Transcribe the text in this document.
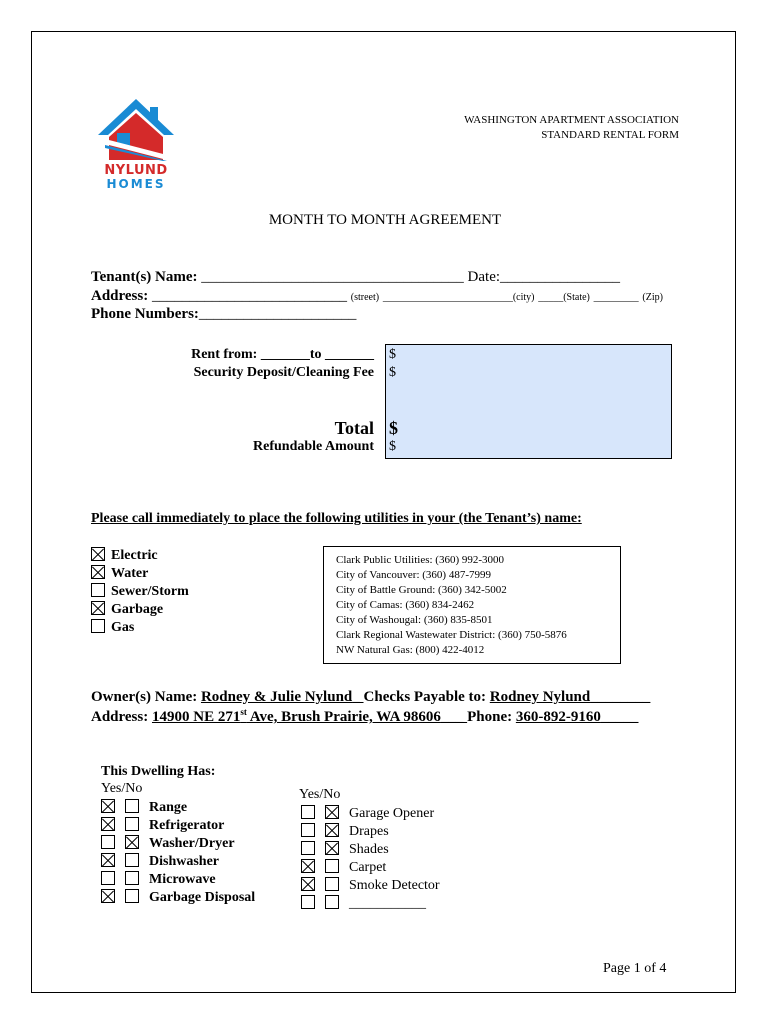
NYLUND
HOMES
WASHINGTON APARTMENT ASSOCIATION
STANDARD RENTAL FORM
MONTH TO MONTH AGREEMENT
Tenant(s) Name: ___________________________________ Date:________________
Address: __________________________ (street) __________________________(city) _____(State) _________ (Zip)
Phone Numbers:_____________________
Rent from: _______to _______
Security Deposit/Cleaning Fee
Total
Refundable Amount
$
$
$
$
Please call immediately to place the following utilities in your (the Tenant’s) name:
Electric
Water
Sewer/Storm
Garbage
Gas
Clark Public Utilities: (360) 992-3000
City of Vancouver: (360) 487-7999
City of Battle Ground: (360) 342-5002
City of Camas: (360) 834-2462
City of Washougal: (360) 835-8501
Clark Regional Wastewater District: (360) 750-5876
NW Natural Gas: (800) 422-4012
Owner(s) Name: Rodney & Julie Nylund_ Checks Payable to: Rodney Nylund________
Address: 14900 NE 271st Ave, Brush Prairie, WA 98606___ Phone: 360-892-9160_____
This Dwelling Has:
Yes/No	Yes/No
Range
Refrigerator
Washer/Dryer
Dishwasher
Microwave
Garbage Disposal
Garage Opener
Drapes
Shades
Carpet
Smoke Detector
___________
Page 1 of 4
